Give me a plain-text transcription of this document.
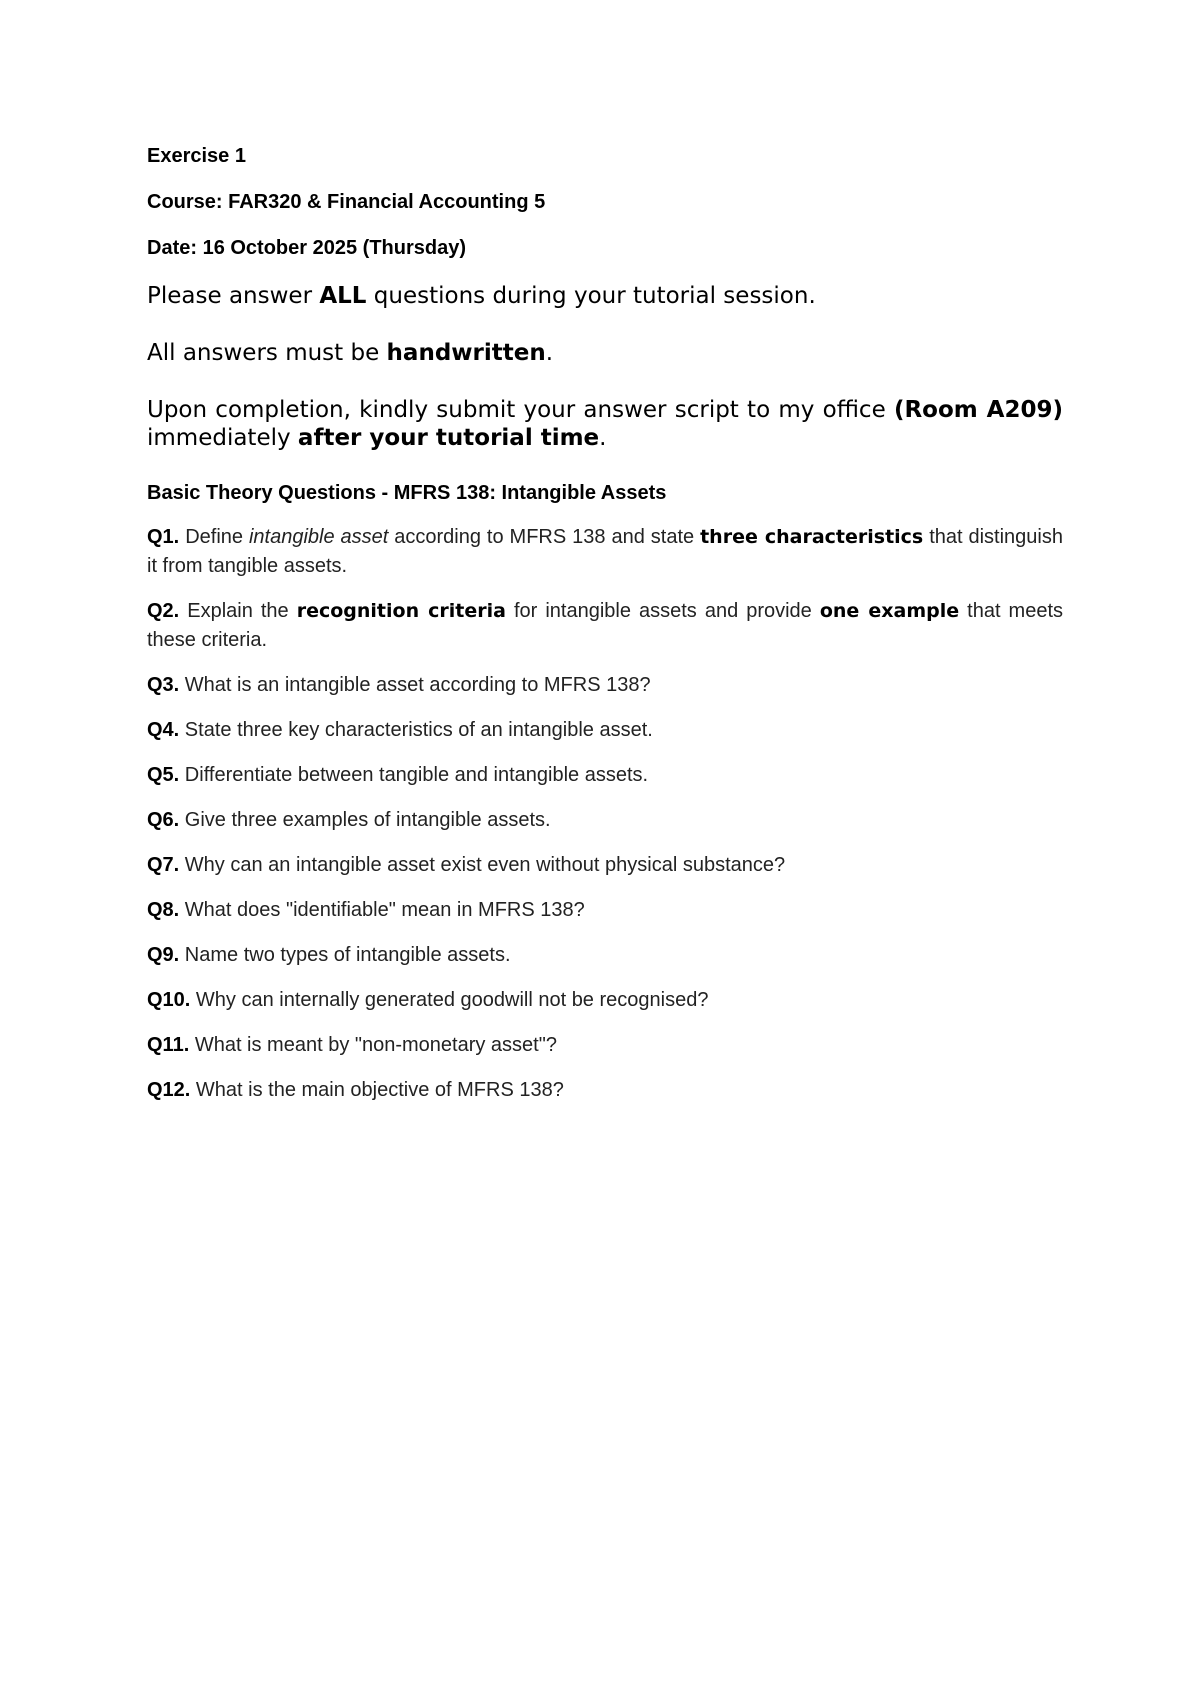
Exercise 1

Course: FAR320 & Financial Accounting 5

Date: 16 October 2025 (Thursday)

Please answer ALL questions during your tutorial session.

All answers must be handwritten.

Upon completion, kindly submit your answer script to my office (Room A209) immediately after your tutorial time.

Basic Theory Questions - MFRS 138: Intangible Assets

Q1. Define intangible asset according to MFRS 138 and state three characteristics that distinguish it from tangible assets.

Q2. Explain the recognition criteria for intangible assets and provide one example that meets these criteria.

Q3. What is an intangible asset according to MFRS 138?

Q4. State three key characteristics of an intangible asset.

Q5. Differentiate between tangible and intangible assets.

Q6. Give three examples of intangible assets.

Q7. Why can an intangible asset exist even without physical substance?

Q8. What does "identifiable" mean in MFRS 138?

Q9. Name two types of intangible assets.

Q10. Why can internally generated goodwill not be recognised?

Q11. What is meant by "non-monetary asset"?

Q12. What is the main objective of MFRS 138?
